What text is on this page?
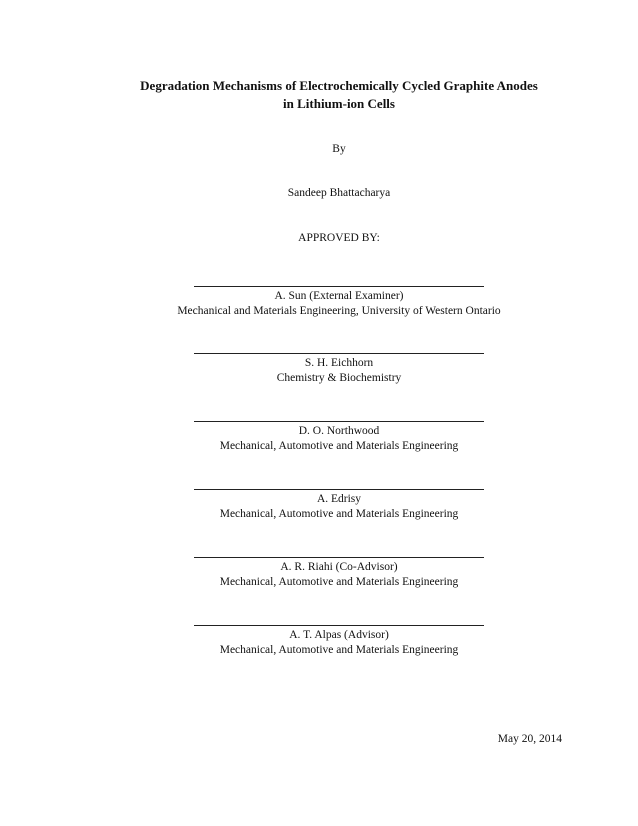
Degradation Mechanisms of Electrochemically Cycled Graphite Anodes
in Lithium-ion Cells
By
Sandeep Bhattacharya
APPROVED BY:
A. Sun (External Examiner)
Mechanical and Materials Engineering, University of Western Ontario
S. H. Eichhorn
Chemistry & Biochemistry
D. O. Northwood
Mechanical, Automotive and Materials Engineering
A. Edrisy
Mechanical, Automotive and Materials Engineering
A. R. Riahi (Co-Advisor)
Mechanical, Automotive and Materials Engineering
A. T. Alpas (Advisor)
Mechanical, Automotive and Materials Engineering
May 20, 2014
